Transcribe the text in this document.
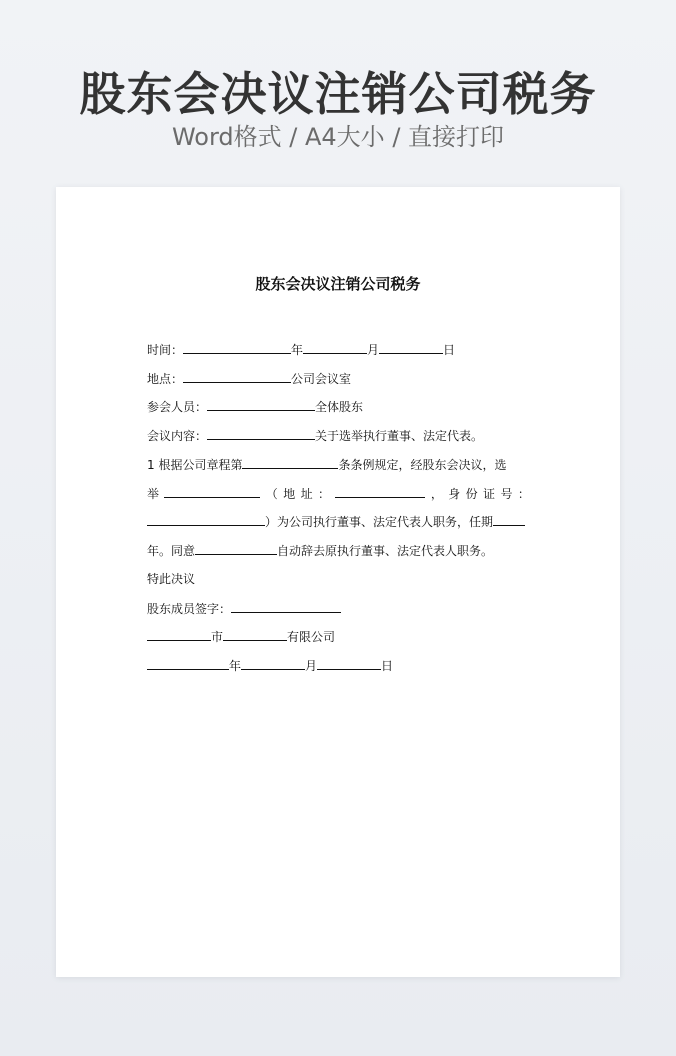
股东会决议注销公司税务
Word格式 / A4大小 / 直接打印
股东会决议注销公司税务
时间：	年	月	日
地点：	公司会议室
参会人员：	全体股东
会议内容：	关于选举执行董事、法定代表。
1 根据公司章程第	条条例规定，经股东会决议，选
举	（ 地 址 ：	， 身 份 证 号 ：
）为公司执行董事、法定代表人职务，任期
年。同意	自动辞去原执行董事、法定代表人职务。
特此决议
股东成员签字：
市	有限公司
年	月	日
